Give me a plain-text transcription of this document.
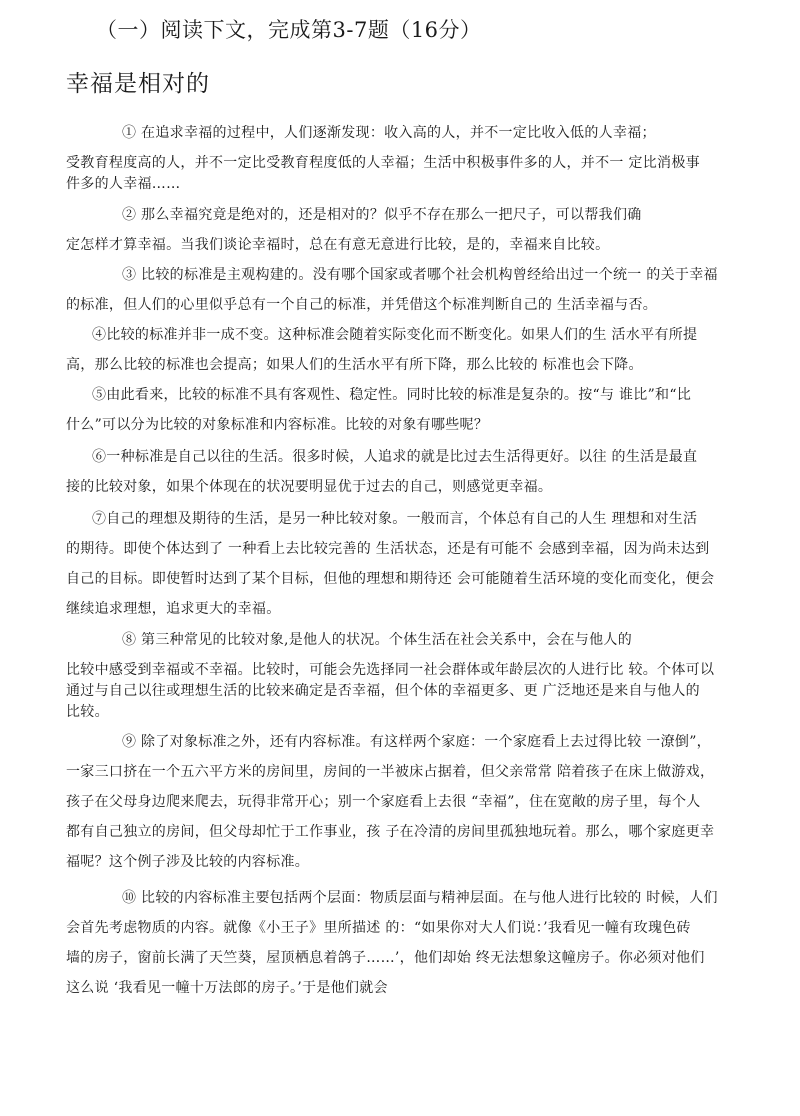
（一）阅读下文，完成第3-7题（16分）
幸福是相对的
① 在追求幸福的过程中，人们逐渐发现：收入高的人，并不一定比收入低的人幸福；
受教育程度高的人，并不一定比受教育程度低的人幸福；生活中积极事件多的人，并不一 定比消极事
件多的人幸福……
② 那么幸福究竟是绝对的，还是相对的？似乎不存在那么一把尺子，可以帮我们确
定怎样才算幸福。当我们谈论幸福时，总在有意无意进行比较，是的，幸福来自比较。
③ 比较的标准是主观构建的。没有哪个国家或者哪个社会机构曾经给出过一个统一 的关于幸福
的标准，但人们的心里似乎总有一个自己的标准，并凭借这个标准判断自己的 生活幸福与否。
④比较的标准并非一成不变。这种标准会随着实际变化而不断变化。如果人们的生 活水平有所提
高，那么比较的标准也会提高；如果人们的生活水平有所下降，那么比较的 标准也会下降。
⑤由此看来，比较的标准不具有客观性、稳定性。同时比较的标准是复杂的。按“与 谁比”和“比
什么”可以分为比较的对象标准和内容标准。比较的对象有哪些呢？
⑥一种标准是自己以往的生活。很多时候，人追求的就是比过去生活得更好。以往 的生活是最直
接的比较对象，如果个体现在的状况要明显优于过去的自己，则感觉更幸福。
⑦自己的理想及期待的生活，是另一种比较对象。一般而言，个体总有自己的人生 理想和对生活
的期待。即使个体达到了 一种看上去比较完善的 生活状态，还是有可能不 会感到幸福，因为尚未达到
自己的目标。即使暂时达到了某个目标，但他的理想和期待还 会可能随着生活环境的变化而变化，便会
继续追求理想，追求更大的幸福。
⑧ 第三种常见的比较对象,是他人的状况。个体生活在社会关系中，会在与他人的
比较中感受到幸福或不幸福。比较时，可能会先选择同一社会群体或年龄层次的人进行比 较。个体可以
通过与自己以往或理想生活的比较来确定是否幸福，但个体的幸福更多、更 广泛地还是来自与他人的
比较。
⑨ 除了对象标准之外，还有内容标准。有这样两个家庭：一个家庭看上去过得比较 一潦倒”，
一家三口挤在一个五六平方米的房间里，房间的一半被床占据着，但父亲常常 陪着孩子在床上做游戏，
孩子在父母身边爬来爬去，玩得非常开心；别一个家庭看上去很 “幸福”，住在宽敞的房子里，每个人
都有自己独立的房间，但父母却忙于工作事业，孩 子在冷清的房间里孤独地玩着。那么，哪个家庭更幸
福呢？这个例子涉及比较的内容标准。
⑩ 比较的内容标准主要包括两个层面：物质层面与精神层面。在与他人进行比较的 时候，人们
会首先考虑物质的内容。就像《小王子》里所描述 的：“如果你对大人们说：’我看见一幢有玫瑰色砖
墙的房子，窗前长满了天竺葵，屋顶栖息着鸽子……’，他们却始 终无法想象这幢房子。你必须对他们
这么说 ‘我看见一幢十万法郎的房子。’于是他们就会
